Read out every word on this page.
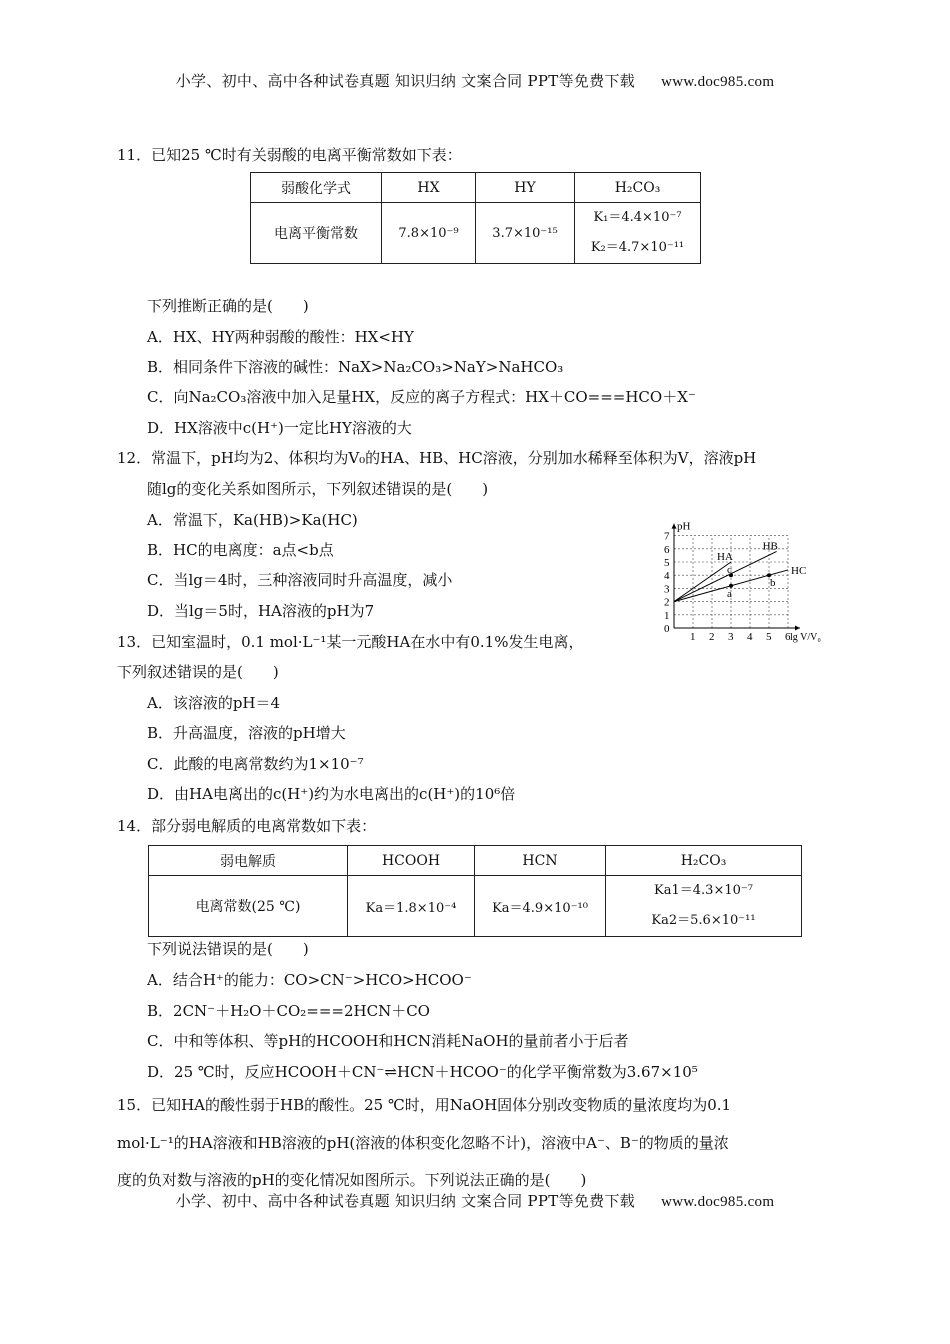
小学、初中、高中各种试卷真题 知识归纳 文案合同 PPT等免费下载 www.doc985.com
11．已知25 ℃时有关弱酸的电离平衡常数如下表：
弱酸化学式	HX	HY	H₂CO₃
电离平衡常数	7.8×10⁻⁹	3.7×10⁻¹⁵	K₁＝4.4×10⁻⁷
K₂＝4.7×10⁻¹¹
下列推断正确的是(　　)
A．HX、HY两种弱酸的酸性：HX<HY
B．相同条件下溶液的碱性：NaX>Na₂CO₃>NaY>NaHCO₃
C．向Na₂CO₃溶液中加入足量HX，反应的离子方程式：HX＋CO===HCO＋X⁻
D．HX溶液中c(H⁺)一定比HY溶液的大
12．常温下，pH均为2、体积均为V₀的HA、HB、HC溶液，分别加水稀释至体积为V，溶液pH
随lg的变化关系如图所示，下列叙述错误的是(　　)
A．常温下，Ka(HB)>Ka(HC)
B．HC的电离度：a点<b点
C．当lg＝4时，三种溶液同时升高温度，减小
D．当lg＝5时，HA溶液的pH为7
1 2 3 4 5 6
0
1
2
3
4
5
6
7
pH
lg V/V₀
HA
HB
HC
c
a
b
13．已知室温时，0.1 mol·L⁻¹某一元酸HA在水中有0.1%发生电离，
下列叙述错误的是(　　)
A．该溶液的pH＝4
B．升高温度，溶液的pH增大
C．此酸的电离常数约为1×10⁻⁷
D．由HA电离出的c(H⁺)约为水电离出的c(H⁺)的10⁶倍
14．部分弱电解质的电离常数如下表：
弱电解质	HCOOH	HCN	H₂CO₃
电离常数(25 ℃)	Ka＝1.8×10⁻⁴	Ka＝4.9×10⁻¹⁰	Ka1＝4.3×10⁻⁷
Ka2＝5.6×10⁻¹¹
下列说法错误的是(　　)
A．结合H⁺的能力：CO>CN⁻>HCO>HCOO⁻
B．2CN⁻＋H₂O＋CO₂===2HCN＋CO
C．中和等体积、等pH的HCOOH和HCN消耗NaOH的量前者小于后者
D．25 ℃时，反应HCOOH＋CN⁻⇌HCN＋HCOO⁻的化学平衡常数为3.67×10⁵
15．已知HA的酸性弱于HB的酸性。25 ℃时，用NaOH固体分别改变物质的量浓度均为0.1
mol·L⁻¹的HA溶液和HB溶液的pH(溶液的体积变化忽略不计)，溶液中A⁻、B⁻的物质的量浓
度的负对数与溶液的pH的变化情况如图所示。下列说法正确的是(　　)
小学、初中、高中各种试卷真题 知识归纳 文案合同 PPT等免费下载 www.doc985.com
